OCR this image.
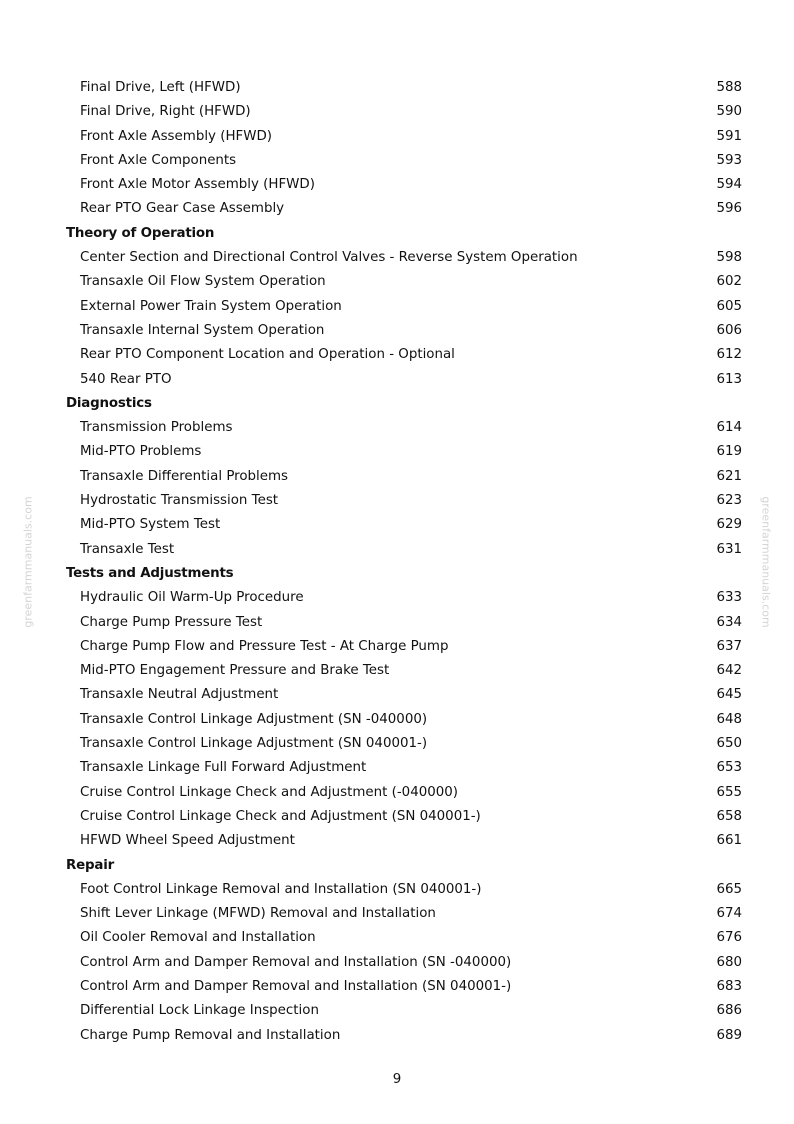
Final Drive, Left (HFWD)	588
Final Drive, Right (HFWD)	590
Front Axle Assembly (HFWD)	591
Front Axle Components	593
Front Axle Motor Assembly (HFWD)	594
Rear PTO Gear Case Assembly	596
Theory of Operation
Center Section and Directional Control Valves - Reverse System Operation	598
Transaxle Oil Flow System Operation	602
External Power Train System Operation	605
Transaxle Internal System Operation	606
Rear PTO Component Location and Operation - Optional	612
540 Rear PTO	613
Diagnostics
Transmission Problems	614
Mid-PTO Problems	619
Transaxle Differential Problems	621
Hydrostatic Transmission Test	623
Mid-PTO System Test	629
Transaxle Test	631
Tests and Adjustments
Hydraulic Oil Warm-Up Procedure	633
Charge Pump Pressure Test	634
Charge Pump Flow and Pressure Test - At Charge Pump	637
Mid-PTO Engagement Pressure and Brake Test	642
Transaxle Neutral Adjustment	645
Transaxle Control Linkage Adjustment (SN -040000)	648
Transaxle Control Linkage Adjustment (SN 040001-)	650
Transaxle Linkage Full Forward Adjustment	653
Cruise Control Linkage Check and Adjustment (-040000)	655
Cruise Control Linkage Check and Adjustment (SN 040001-)	658
HFWD Wheel Speed Adjustment	661
Repair
Foot Control Linkage Removal and Installation (SN 040001-)	665
Shift Lever Linkage (MFWD) Removal and Installation	674
Oil Cooler Removal and Installation	676
Control Arm and Damper Removal and Installation (SN -040000)	680
Control Arm and Damper Removal and Installation (SN 040001-)	683
Differential Lock Linkage Inspection	686
Charge Pump Removal and Installation	689
greenfarmmanuals.com	greenfarmmanuals.com
9
